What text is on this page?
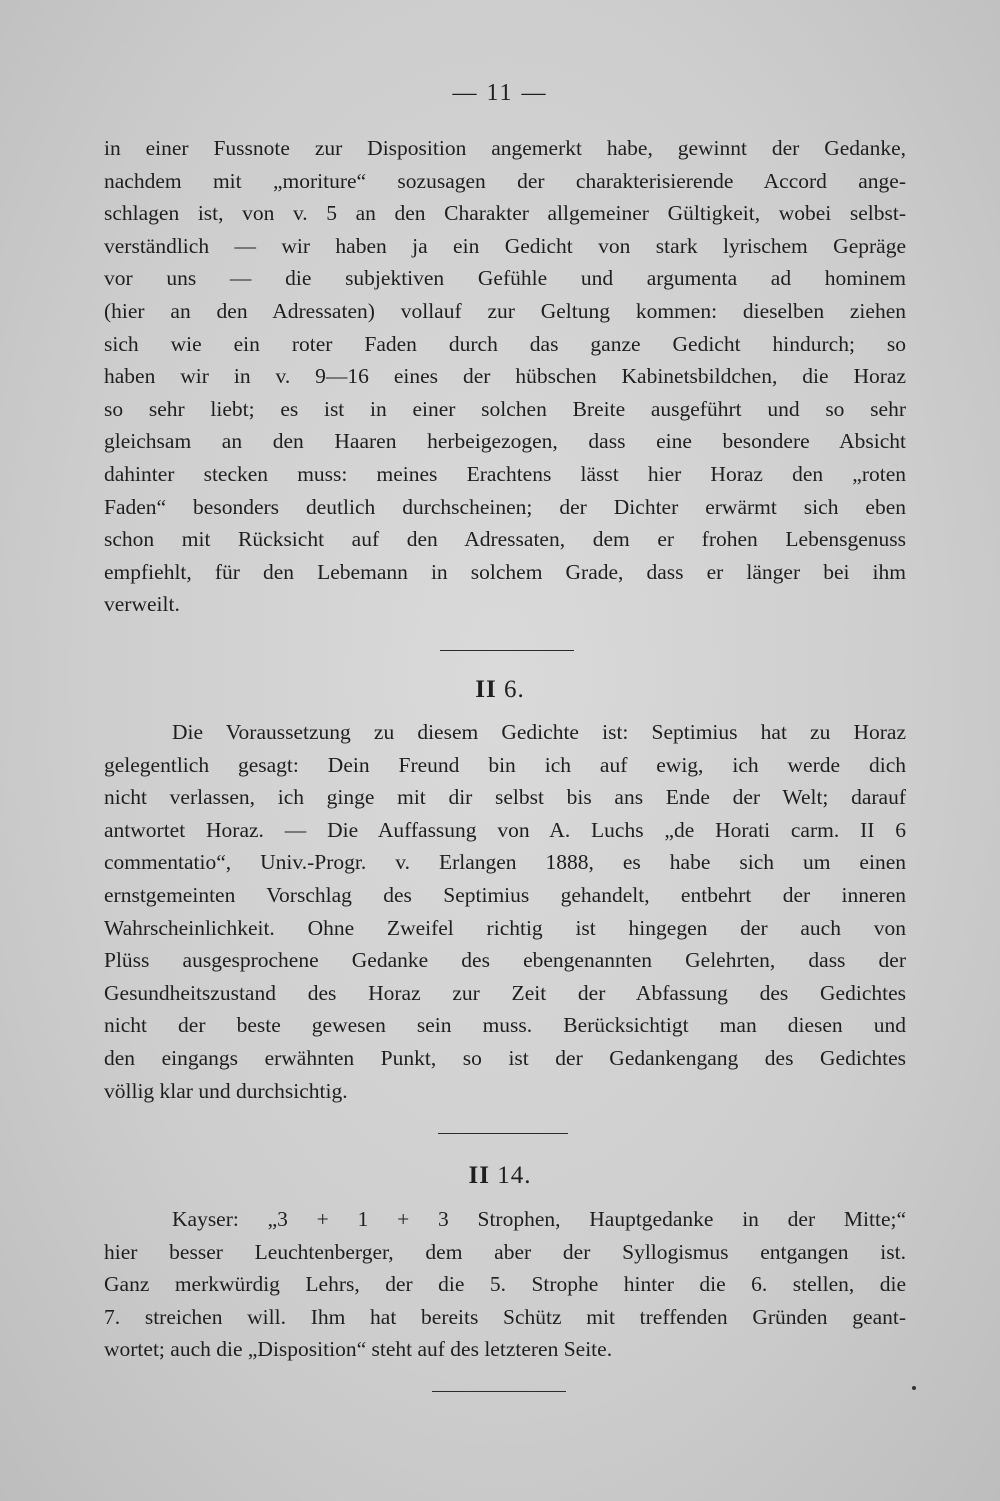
— 11 —
in einer Fussnote zur Disposition angemerkt habe, gewinnt der Gedanke,
nachdem mit „moriture“ sozusagen der charakterisierende Accord ange-
schlagen ist, von v. 5 an den Charakter allgemeiner Gültigkeit, wobei selbst-
verständlich — wir haben ja ein Gedicht von stark lyrischem Gepräge
vor uns — die subjektiven Gefühle und argumenta ad hominem
(hier an den Adressaten) vollauf zur Geltung kommen: dieselben ziehen
sich wie ein roter Faden durch das ganze Gedicht hindurch; so
haben wir in v. 9—16 eines der hübschen Kabinetsbildchen, die Horaz
so sehr liebt; es ist in einer solchen Breite ausgeführt und so sehr
gleichsam an den Haaren herbeigezogen, dass eine besondere Absicht
dahinter stecken muss: meines Erachtens lässt hier Horaz den „roten
Faden“ besonders deutlich durchscheinen; der Dichter erwärmt sich eben
schon mit Rücksicht auf den Adressaten, dem er frohen Lebensgenuss
empfiehlt, für den Lebemann in solchem Grade, dass er länger bei ihm
verweilt.
II 6.
Die Voraussetzung zu diesem Gedichte ist: Septimius hat zu Horaz
gelegentlich gesagt: Dein Freund bin ich auf ewig, ich werde dich
nicht verlassen, ich ginge mit dir selbst bis ans Ende der Welt; darauf
antwortet Horaz. — Die Auffassung von A. Luchs „de Horati carm. II 6
commentatio“, Univ.-Progr. v. Erlangen 1888, es habe sich um einen
ernstgemeinten Vorschlag des Septimius gehandelt, entbehrt der inneren
Wahrscheinlichkeit. Ohne Zweifel richtig ist hingegen der auch von
Plüss ausgesprochene Gedanke des ebengenannten Gelehrten, dass der
Gesundheitszustand des Horaz zur Zeit der Abfassung des Gedichtes
nicht der beste gewesen sein muss. Berücksichtigt man diesen und
den eingangs erwähnten Punkt, so ist der Gedankengang des Gedichtes
völlig klar und durchsichtig.
II 14.
Kayser: „3 + 1 + 3 Strophen, Hauptgedanke in der Mitte;“
hier besser Leuchtenberger, dem aber der Syllogismus entgangen ist.
Ganz merkwürdig Lehrs, der die 5. Strophe hinter die 6. stellen, die
7. streichen will. Ihm hat bereits Schütz mit treffenden Gründen geant-
wortet; auch die „Disposition“ steht auf des letzteren Seite.
